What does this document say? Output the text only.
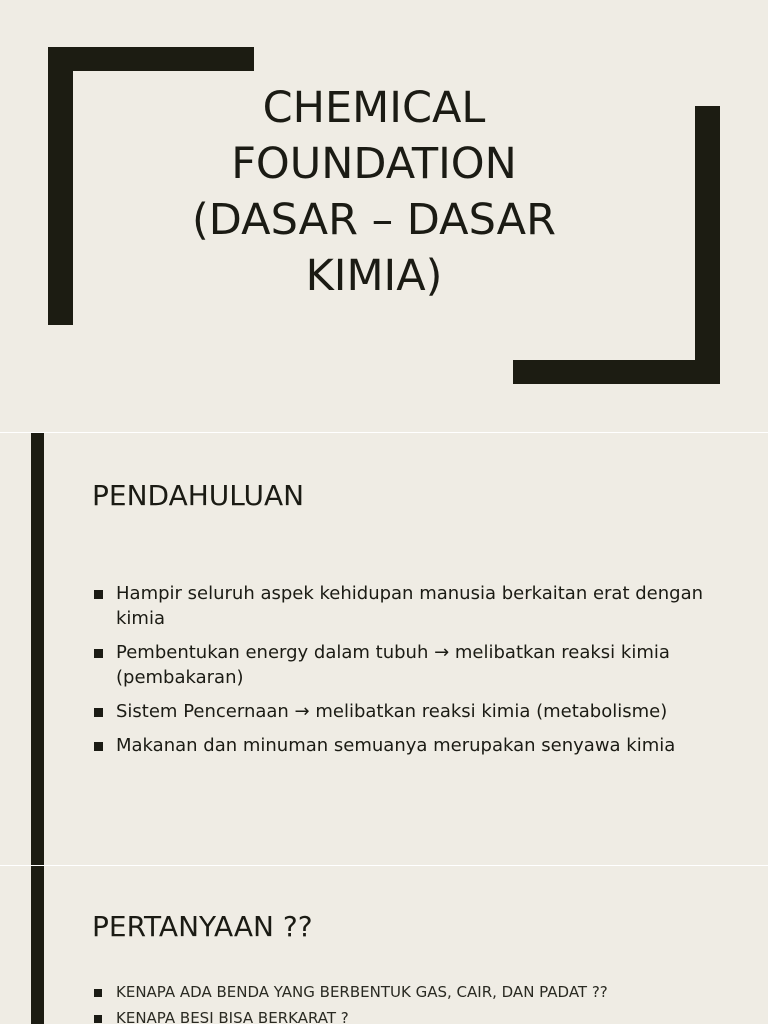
CHEMICAL
FOUNDATION
(DASAR – DASAR
KIMIA)
PENDAHULUAN
Hampir seluruh aspek kehidupan manusia berkaitan erat dengan kimia
Pembentukan energy dalam tubuh → melibatkan reaksi kimia (pembakaran)
Sistem Pencernaan → melibatkan reaksi kimia (metabolisme)
Makanan dan minuman semuanya merupakan senyawa kimia
PERTANYAAN ??
KENAPA ADA BENDA YANG BERBENTUK GAS, CAIR, DAN PADAT ??
KENAPA BESI BISA BERKARAT ?
